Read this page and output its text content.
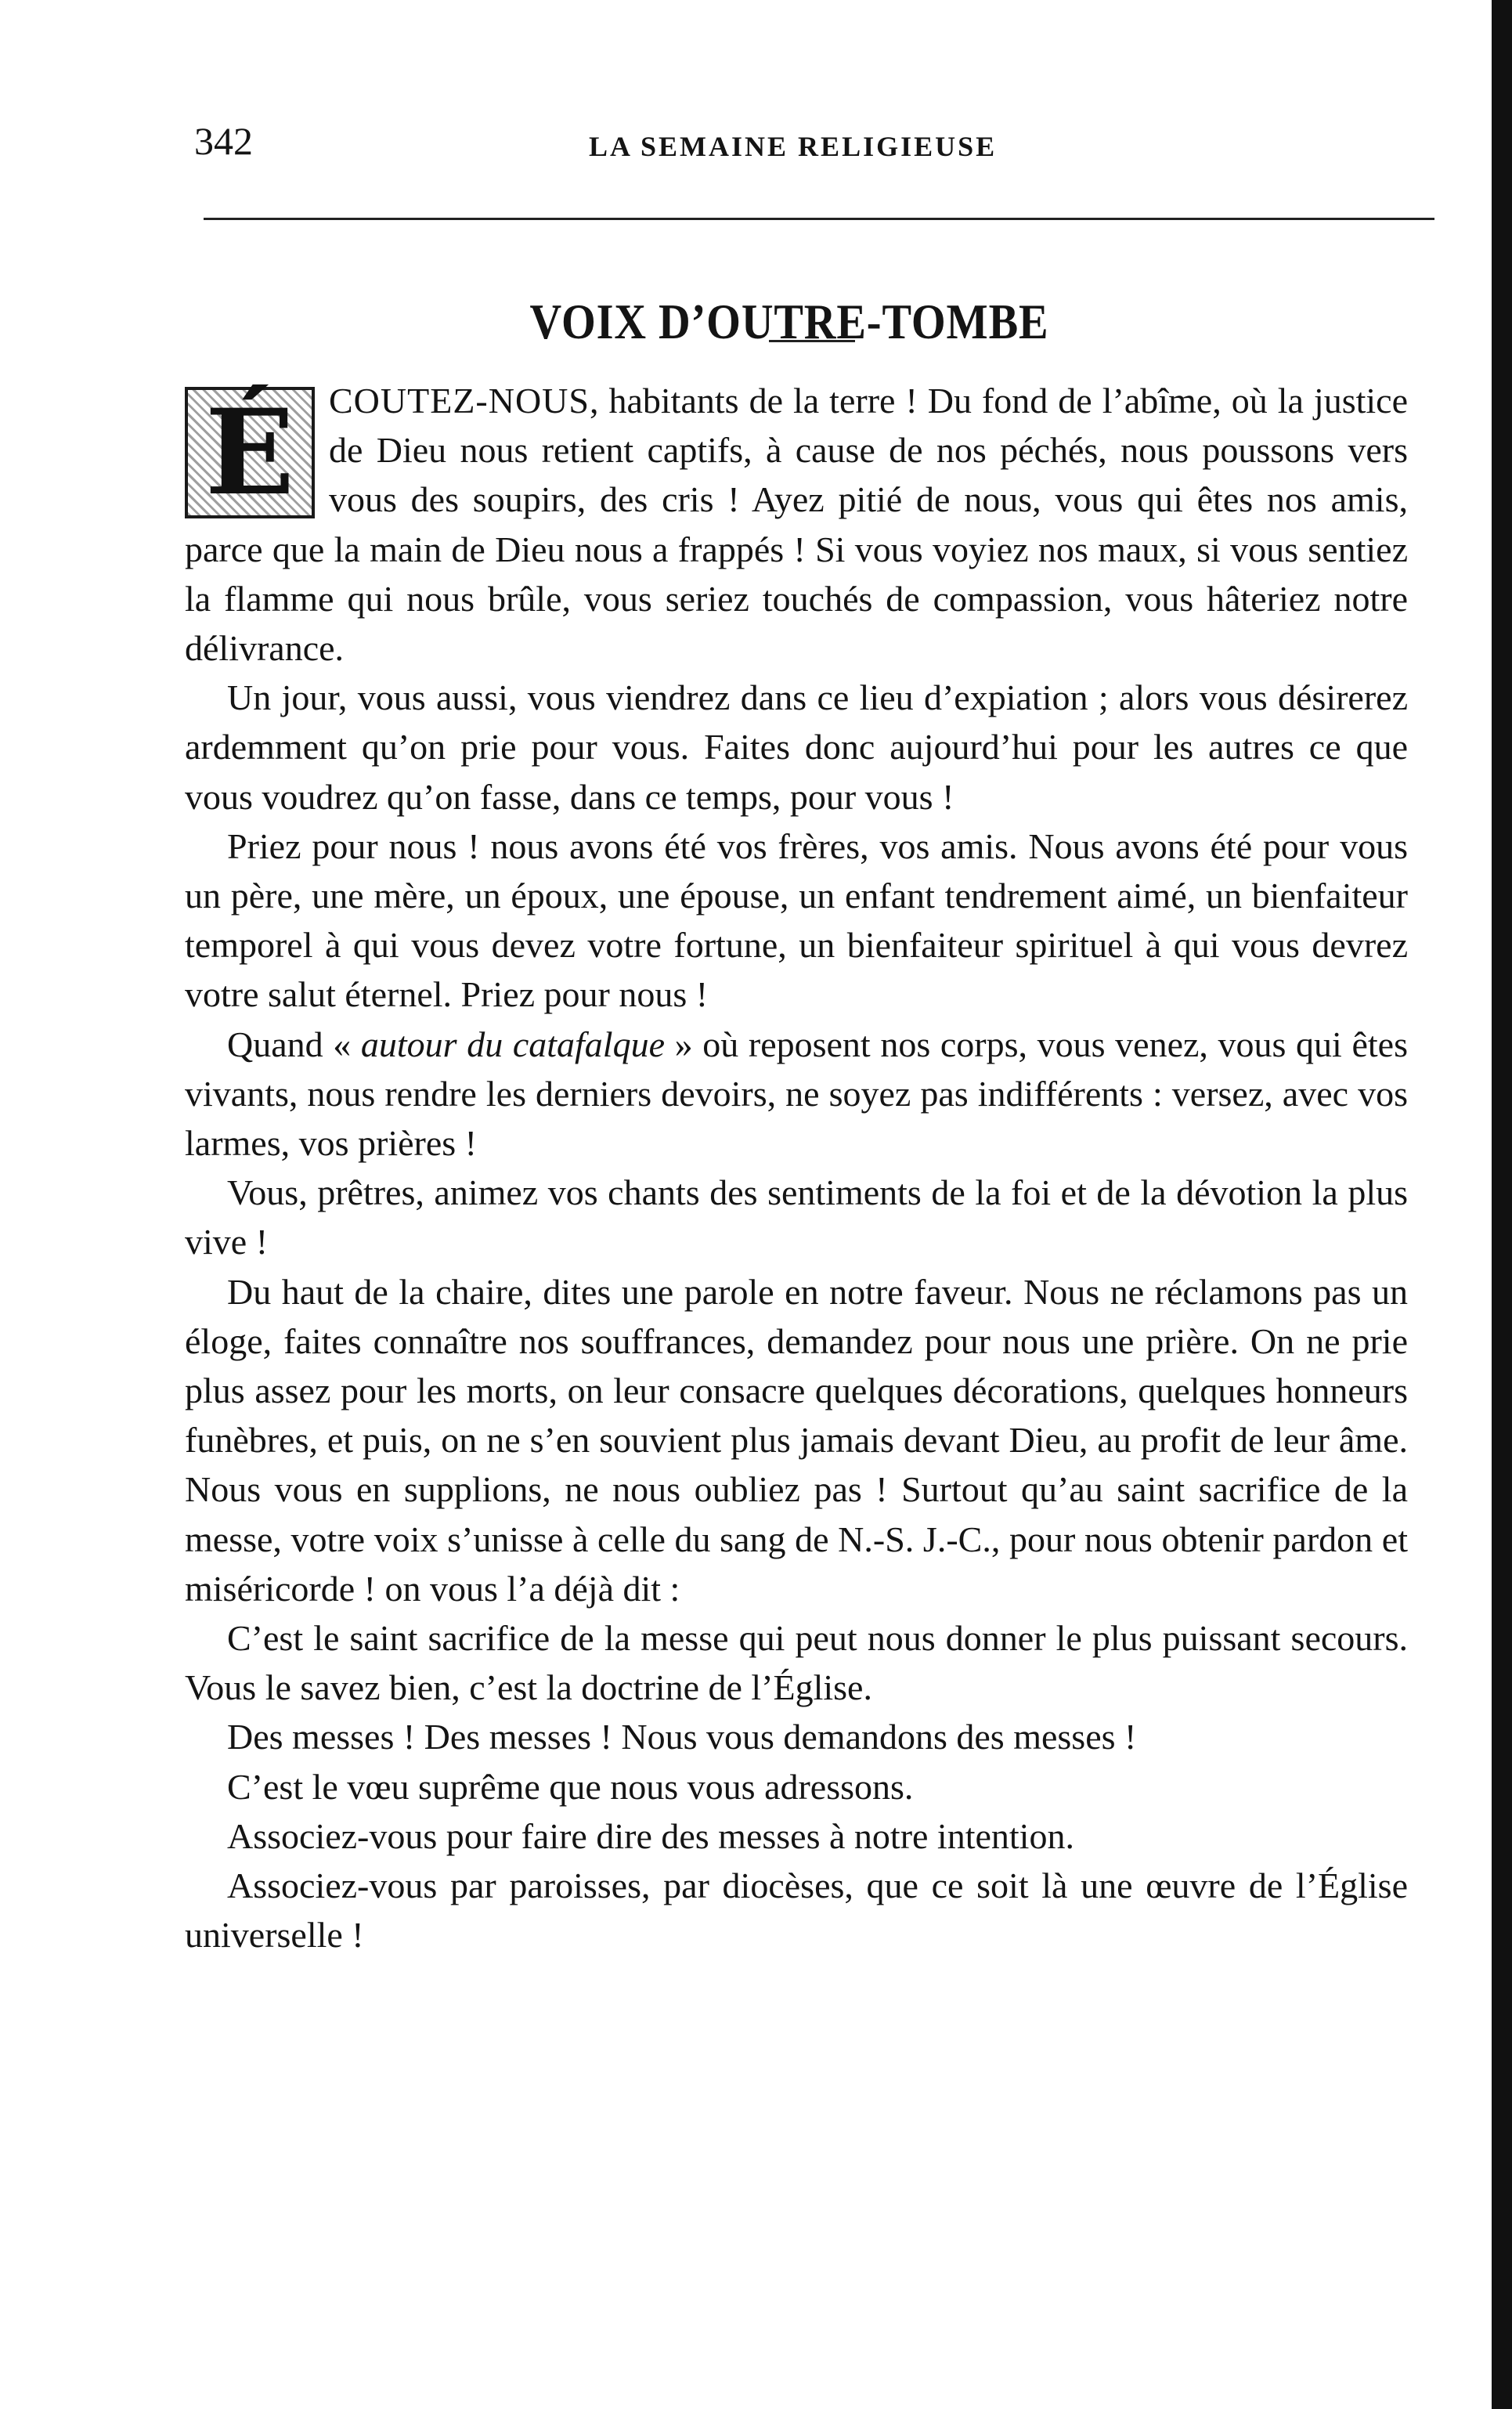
342	LA SEMAINE RELIGIEUSE
VOIX D’OUTRE-TOMBE

É COUTEZ-NOUS, habitants de la terre ! Du fond de l’abîme, où la justice de Dieu nous retient captifs, à cause de nos péchés, nous poussons vers vous des soupirs, des cris ! Ayez pitié de nous, vous qui êtes nos amis, parce que la main de Dieu nous a frappés ! Si vous voyiez nos maux, si vous sentiez la flamme qui nous brûle, vous seriez touchés de compassion, vous hâteriez notre délivrance.

Un jour, vous aussi, vous viendrez dans ce lieu d’expiation ; alors vous désirerez ardemment qu’on prie pour vous. Faites donc aujourd’hui pour les autres ce que vous voudrez qu’on fasse, dans ce temps, pour vous !

Priez pour nous ! nous avons été vos frères, vos amis. Nous avons été pour vous un père, une mère, un époux, une épouse, un enfant tendrement aimé, un bienfaiteur temporel à qui vous devez votre fortune, un bienfaiteur spirituel à qui vous devrez votre salut éternel. Priez pour nous !

Quand « autour du catafalque » où reposent nos corps, vous venez, vous qui êtes vivants, nous rendre les derniers devoirs, ne soyez pas indifférents : versez, avec vos larmes, vos prières !

Vous, prêtres, animez vos chants des sentiments de la foi et de la dévotion la plus vive !

Du haut de la chaire, dites une parole en notre faveur. Nous ne réclamons pas un éloge, faites connaître nos souffrances, demandez pour nous une prière. On ne prie plus assez pour les morts, on leur consacre quelques décorations, quelques honneurs funèbres, et puis, on ne s’en souvient plus jamais devant Dieu, au profit de leur âme. Nous vous en supplions, ne nous oubliez pas ! Surtout qu’au saint sacrifice de la messe, votre voix s’unisse à celle du sang de N.-S. J.-C., pour nous obtenir pardon et miséricorde ! on vous l’a déjà dit :

C’est le saint sacrifice de la messe qui peut nous donner le plus puissant secours. Vous le savez bien, c’est la doctrine de l’Église.

Des messes ! Des messes ! Nous vous demandons des messes !

C’est le vœu suprême que nous vous adressons.

Associez-vous pour faire dire des messes à notre intention.

Associez-vous par paroisses, par diocèses, que ce soit là une œuvre de l’Église universelle !
